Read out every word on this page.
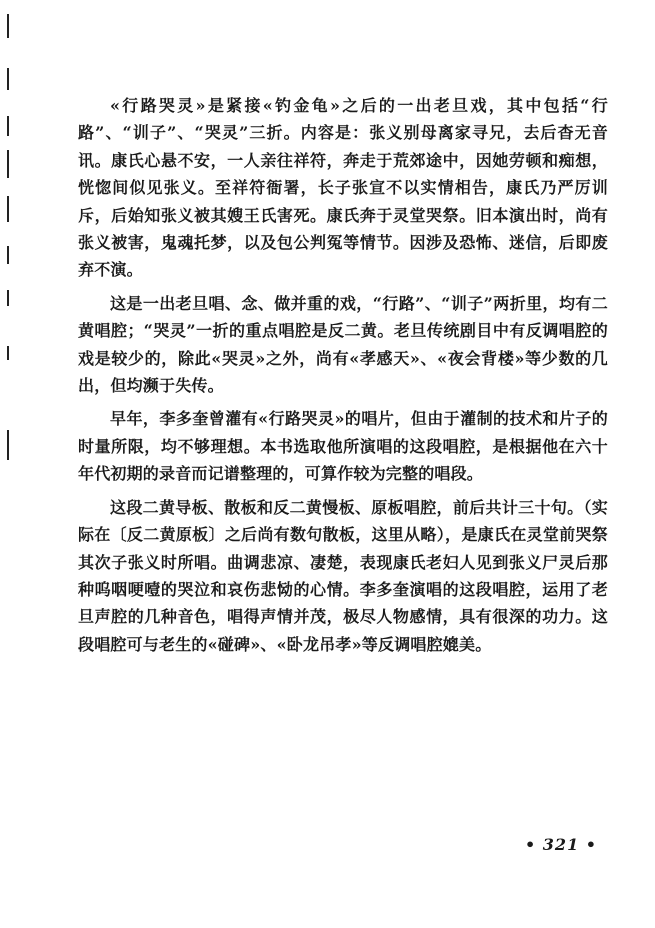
«行路哭灵»是紧接«钓金龟»之后的一出老旦戏，其中包括“行路”、“训子”、“哭灵”三折。内容是：张义别母离家寻兄，去后杳无音讯。康氏心悬不安，一人亲往祥符，奔走于荒郊途中，因她劳顿和痴想，恍惚间似见张义。至祥符衙署，长子张宣不以实情相告，康氏乃严厉训斥，后始知张义被其嫂王氏害死。康氏奔于灵堂哭祭。旧本演出时，尚有张义被害，鬼魂托梦，以及包公判冤等情节。因涉及恐怖、迷信，后即废弃不演。

这是一出老旦唱、念、做并重的戏，“行路”、“训子”两折里，均有二黄唱腔；“哭灵”一折的重点唱腔是反二黄。老旦传统剧目中有反调唱腔的戏是较少的，除此«哭灵»之外，尚有«孝感天»、«夜会背楼»等少数的几出，但均濒于失传。

早年，李多奎曾灌有«行路哭灵»的唱片，但由于灌制的技术和片子的时量所限，均不够理想。本书选取他所演唱的这段唱腔，是根据他在六十年代初期的录音而记谱整理的，可算作较为完整的唱段。

这段二黄导板、散板和反二黄慢板、原板唱腔，前后共计三十句。（实际在〔反二黄原板〕之后尚有数句散板，这里从略），是康氏在灵堂前哭祭其次子张义时所唱。曲调悲凉、凄楚，表现康氏老妇人见到张义尸灵后那种呜咽哽噎的哭泣和哀伤悲恸的心情。李多奎演唱的这段唱腔，运用了老旦声腔的几种音色，唱得声情并茂，极尽人物感情，具有很深的功力。这段唱腔可与老生的«碰碑»、«卧龙吊孝»等反调唱腔媲美。

• 321 •
